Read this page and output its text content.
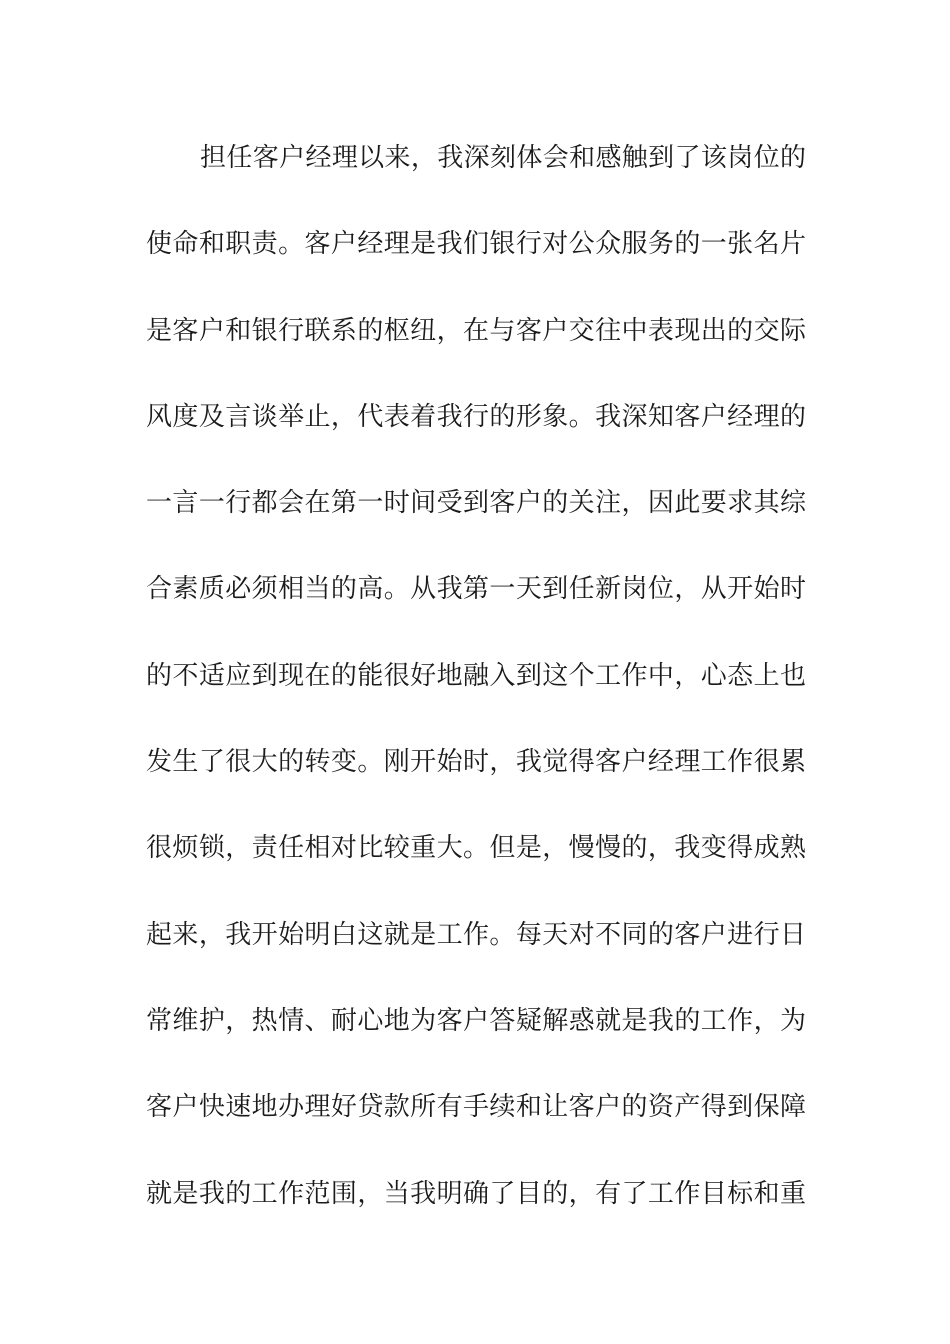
担任客户经理以来，我深刻体会和感触到了该岗位的
使命和职责。客户经理是我们银行对公众服务的一张名片
是客户和银行联系的枢纽，在与客户交往中表现出的交际
风度及言谈举止，代表着我行的形象。我深知客户经理的
一言一行都会在第一时间受到客户的关注，因此要求其综
合素质必须相当的高。从我第一天到任新岗位，从开始时
的不适应到现在的能很好地融入到这个工作中，心态上也
发生了很大的转变。刚开始时，我觉得客户经理工作很累
很烦锁，责任相对比较重大。但是，慢慢的，我变得成熟
起来，我开始明白这就是工作。每天对不同的客户进行日
常维护，热情、耐心地为客户答疑解惑就是我的工作，为
客户快速地办理好贷款所有手续和让客户的资产得到保障
就是我的工作范围，当我明确了目的，有了工作目标和重
